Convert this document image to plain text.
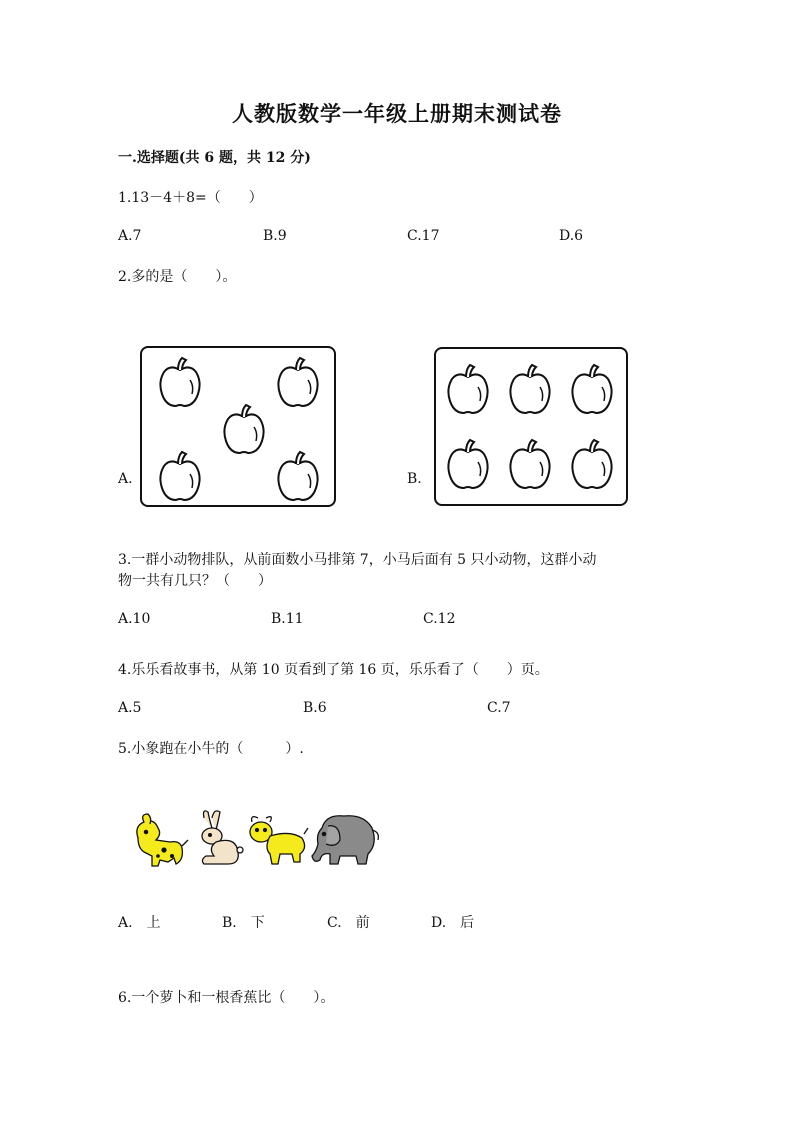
人教版数学一年级上册期末测试卷
一.选择题(共 6 题，共 12 分)
1.13－4＋8=（　　）
A.7	B.9	C.17	D.6
2.多的是（　　）。
A.	B.
3.一群小动物排队，从前面数小马排第 7，小马后面有 5 只小动物，这群小动
物一共有几只？（　　）
A.10	B.11	C.12
4.乐乐看故事书，从第 10 页看到了第 16 页，乐乐看了（　　）页。
A.5	B.6	C.7
5.小象跑在小牛的（　　　）.
A.　上	B.　下	C.　前	D.　后
6.一个萝卜和一根香蕉比（　　）。
